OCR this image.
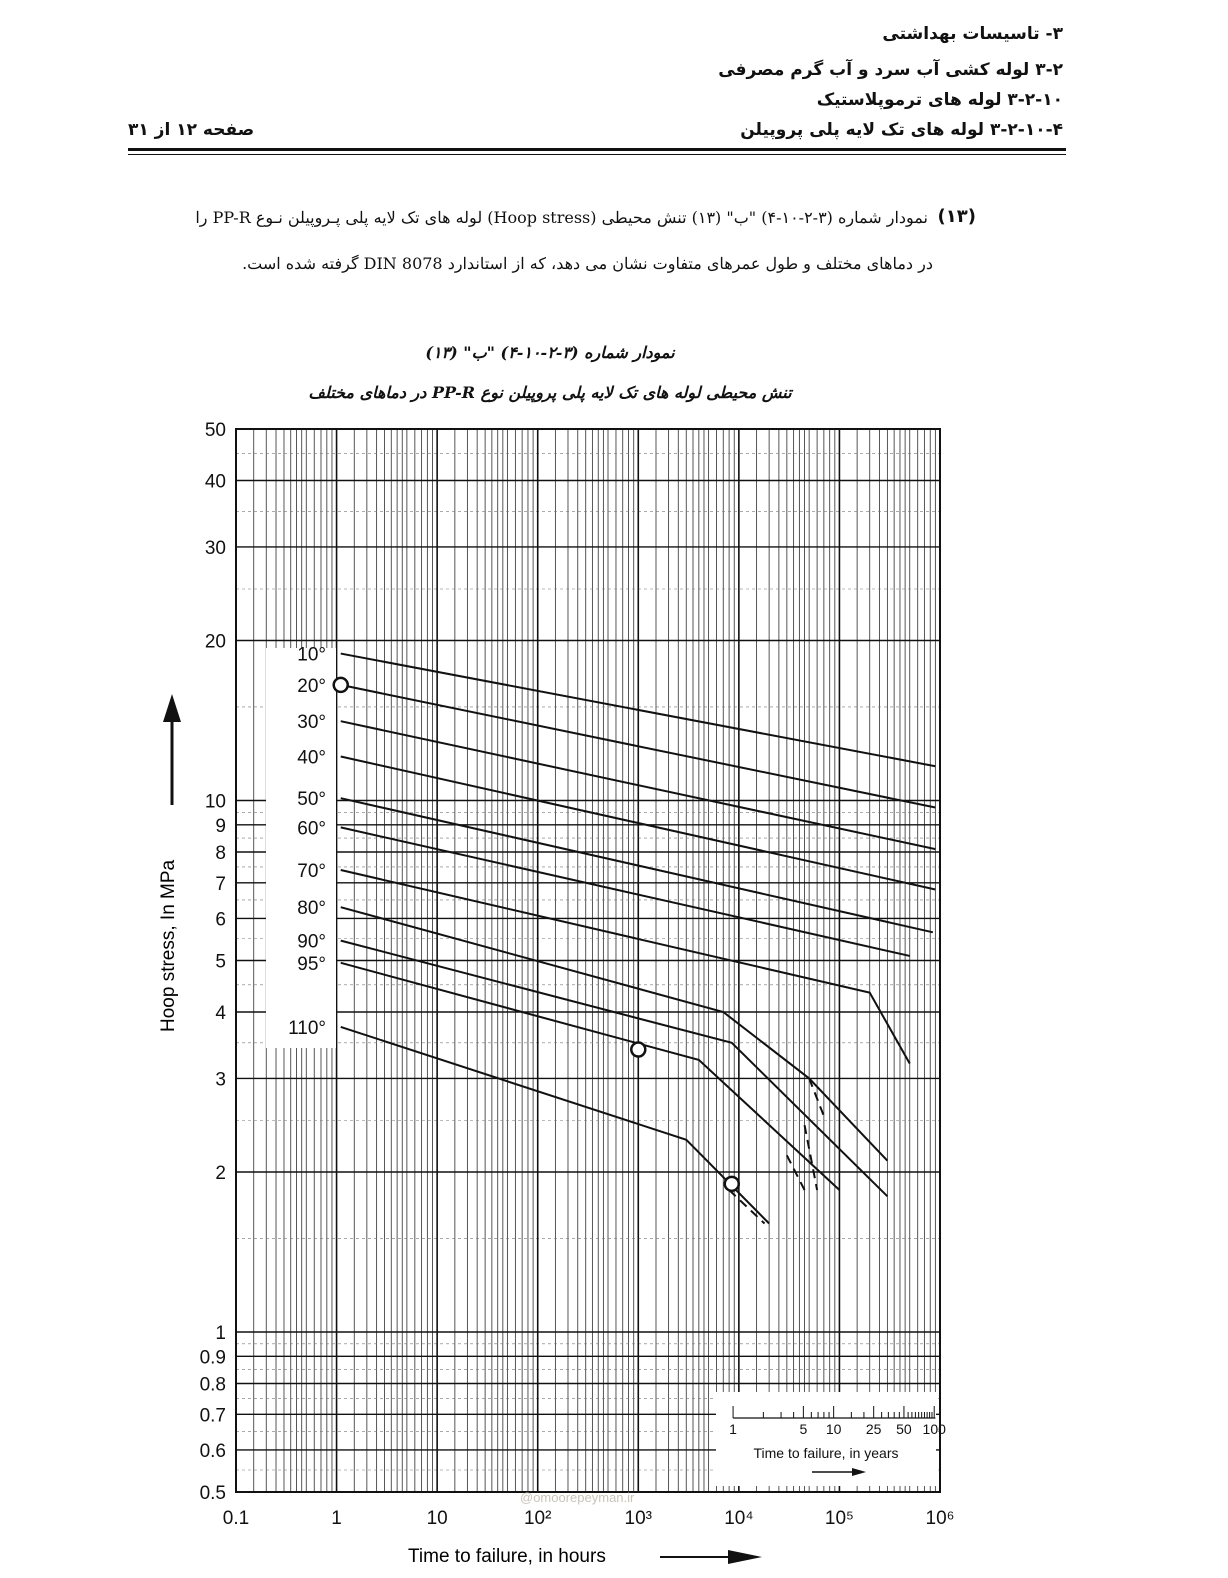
۳- تاسیسات بهداشتی
۳-۲ لوله کشی آب سرد و آب گرم مصرفی
۳-۲-۱۰ لوله های ترموپلاستیک
۳-۲-۱۰-۴ لوله های تک لایه پلی پروپیلن
صفحه ۱۲ از ۳۱
(۱۳)
نمودار شماره (۳-۲-۱۰-۴) "ب" (۱۳) تنش محیطی (Hoop stress) لوله های تک لایه پلی پـروپیلن نـوع PP-R را
در دماهای مختلف و طول عمرهای متفاوت نشان می دهد، که از استاندارد DIN 8078 گرفته شده است.
نمودار شماره (۳-۲-۱۰-۴) "ب" (۱۳)
تنش محیطی لوله های تک لایه پلی پروپیلن نوع PP-R در دماهای مختلف
10°
20°
30°
40°
50°
60°
70°
80°
90°
95°
110°
1	5 10 25 50 100
Time to failure, in years
50
40
30
20
10
9
8
7
6
5
4
3
2
1
0.9
0.8
0.7
0.6
0.5
0.1	1	10	10²	10³	10⁴	10⁵	10⁶
Hoop stress, In MPa
Time to failure, in hours
@omoorepeyman.ir
